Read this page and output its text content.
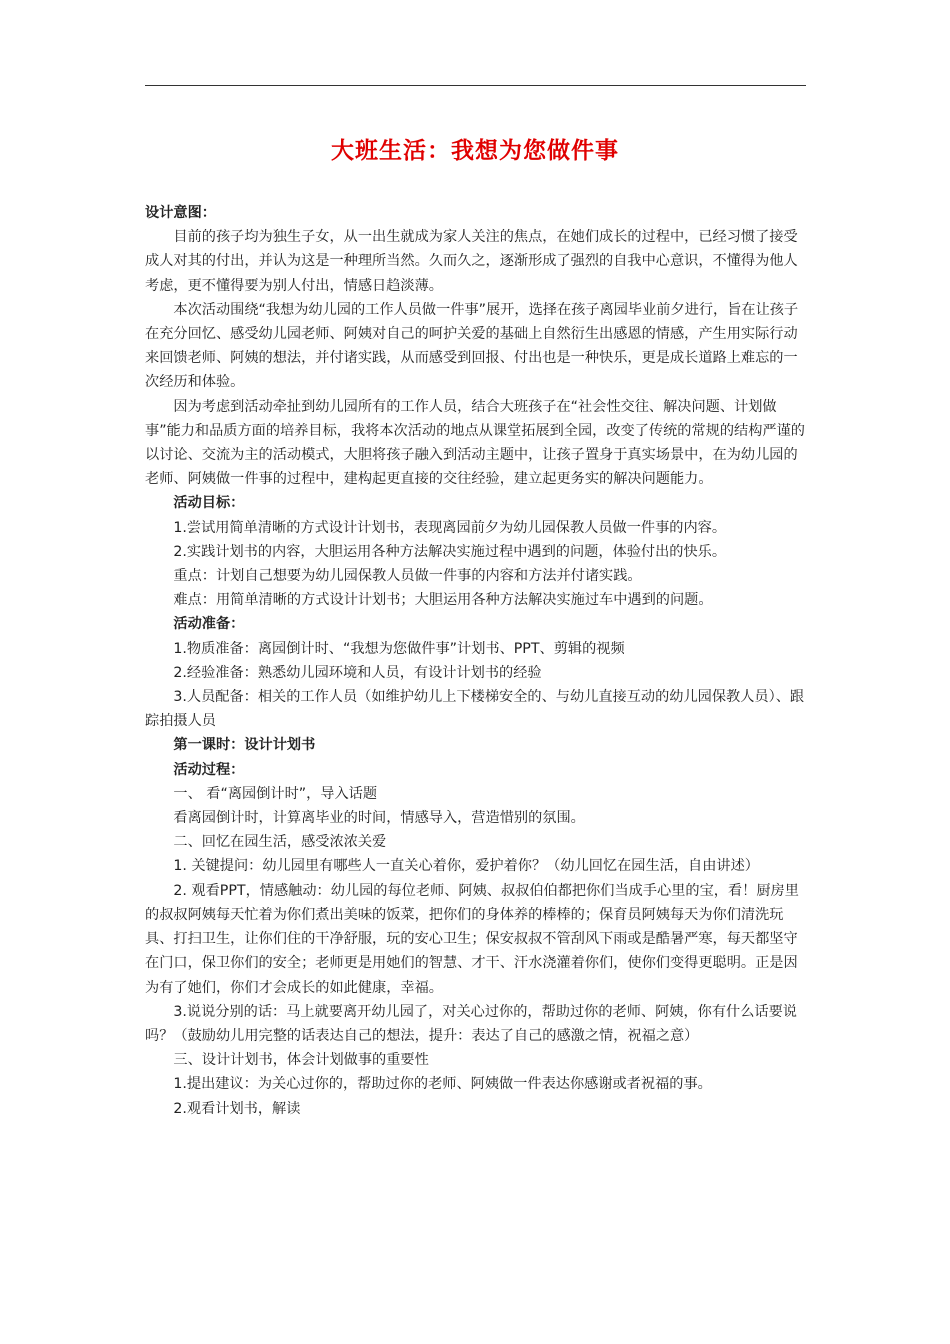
大班生活：我想为您做件事

设计意图：

目前的孩子均为独生子女，从一出生就成为家人关注的焦点，在她们成长的过程中，已经习惯了接受成人对其的付出，并认为这是一种理所当然。久而久之，逐渐形成了强烈的自我中心意识，不懂得为他人考虑，更不懂得要为别人付出，情感日趋淡薄。

本次活动围绕“我想为幼儿园的工作人员做一件事”展开，选择在孩子离园毕业前夕进行，旨在让孩子在充分回忆、感受幼儿园老师、阿姨对自己的呵护关爱的基础上自然衍生出感恩的情感，产生用实际行动来回馈老师、阿姨的想法，并付诸实践，从而感受到回报、付出也是一种快乐，更是成长道路上难忘的一次经历和体验。

因为考虑到活动牵扯到幼儿园所有的工作人员，结合大班孩子在“社会性交往、解决问题、计划做事”能力和品质方面的培养目标，我将本次活动的地点从课堂拓展到全园，改变了传统的常规的结构严谨的以讨论、交流为主的活动模式，大胆将孩子融入到活动主题中，让孩子置身于真实场景中，在为幼儿园的老师、阿姨做一件事的过程中，建构起更直接的交往经验，建立起更务实的解决问题能力。

活动目标：

1.尝试用简单清晰的方式设计计划书，表现离园前夕为幼儿园保教人员做一件事的内容。

2.实践计划书的内容，大胆运用各种方法解决实施过程中遇到的问题，体验付出的快乐。

重点：计划自己想要为幼儿园保教人员做一件事的内容和方法并付诸实践。

难点：用简单清晰的方式设计计划书；大胆运用各种方法解决实施过车中遇到的问题。

活动准备：

1.物质准备：离园倒计时、“我想为您做件事”计划书、PPT、剪辑的视频

2.经验准备：熟悉幼儿园环境和人员，有设计计划书的经验

3.人员配备：相关的工作人员（如维护幼儿上下楼梯安全的、与幼儿直接互动的幼儿园保教人员）、跟踪拍摄人员

第一课时：设计计划书

活动过程：

一、 看“离园倒计时”，导入话题

看离园倒计时，计算离毕业的时间，情感导入，营造惜别的氛围。

二、回忆在园生活，感受浓浓关爱

1. 关键提问：幼儿园里有哪些人一直关心着你，爱护着你？（幼儿回忆在园生活，自由讲述）

2. 观看PPT，情感触动：幼儿园的每位老师、阿姨、叔叔伯伯都把你们当成手心里的宝，看！厨房里的叔叔阿姨每天忙着为你们煮出美味的饭菜，把你们的身体养的棒棒的；保育员阿姨每天为你们清洗玩具、打扫卫生，让你们住的干净舒服，玩的安心卫生；保安叔叔不管刮风下雨或是酷暑严寒，每天都坚守在门口，保卫你们的安全；老师更是用她们的智慧、才干、汗水浇灌着你们，使你们变得更聪明。正是因为有了她们，你们才会成长的如此健康，幸福。

3.说说分别的话：马上就要离开幼儿园了，对关心过你的，帮助过你的老师、阿姨，你有什么话要说吗？（鼓励幼儿用完整的话表达自己的想法，提升：表达了自己的感激之情，祝福之意）

三、设计计划书，体会计划做事的重要性

1.提出建议：为关心过你的，帮助过你的老师、阿姨做一件表达你感谢或者祝福的事。

2.观看计划书，解读
